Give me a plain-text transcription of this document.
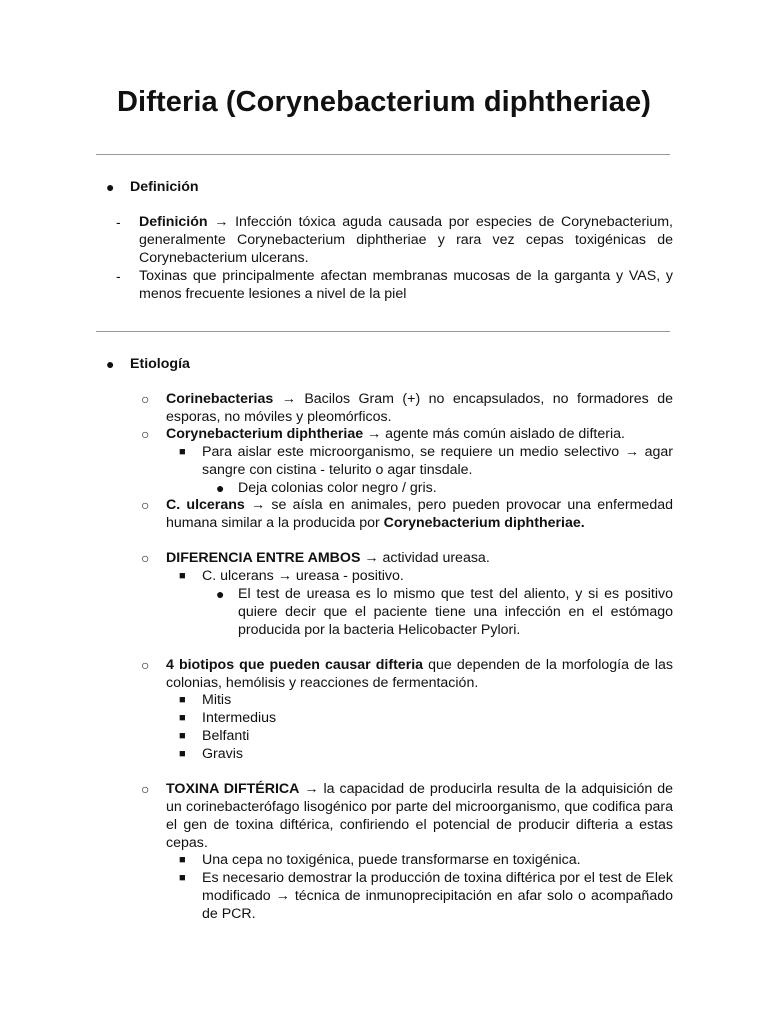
Difteria (Corynebacterium diphtheriae)
● Definición

- Definición → Infección tóxica aguda causada por especies de Corynebacterium,

generalmente Corynebacterium diphtheriae y rara vez cepas toxigénicas de

Corynebacterium ulcerans.

- Toxinas que principalmente afectan membranas mucosas de la garganta y VAS, y

menos frecuente lesiones a nivel de la piel

● Etiología

○ Corinebacterias → Bacilos Gram (+) no encapsulados, no formadores de

esporas, no móviles y pleomórficos.

○ Corynebacterium diphtheriae → agente más común aislado de difteria.

■ Para aislar este microorganismo, se requiere un medio selectivo → agar

sangre con cistina - telurito o agar tinsdale.

● Deja colonias color negro / gris.

○ C. ulcerans → se aísla en animales, pero pueden provocar una enfermedad

humana similar a la producida por Corynebacterium diphtheriae.

○ DIFERENCIA ENTRE AMBOS → actividad ureasa.

■ C. ulcerans → ureasa - positivo.

● El test de ureasa es lo mismo que test del aliento, y si es positivo

quiere decir que el paciente tiene una infección en el estómago

producida por la bacteria Helicobacter Pylori.

○ 4 biotipos que pueden causar difteria que dependen de la morfología de las

colonias, hemólisis y reacciones de fermentación.

■ Mitis

■ Intermedius

■ Belfanti

■ Gravis

○ TOXINA DIFTÉRICA → la capacidad de producirla resulta de la adquisición de

un corinebacterófago lisogénico por parte del microorganismo, que codifica para

el gen de toxina diftérica, confiriendo el potencial de producir difteria a estas

cepas.

■ Una cepa no toxigénica, puede transformarse en toxigénica.

■ Es necesario demostrar la producción de toxina diftérica por el test de Elek

modificado → técnica de inmunoprecipitación en afar solo o acompañado

de PCR.
